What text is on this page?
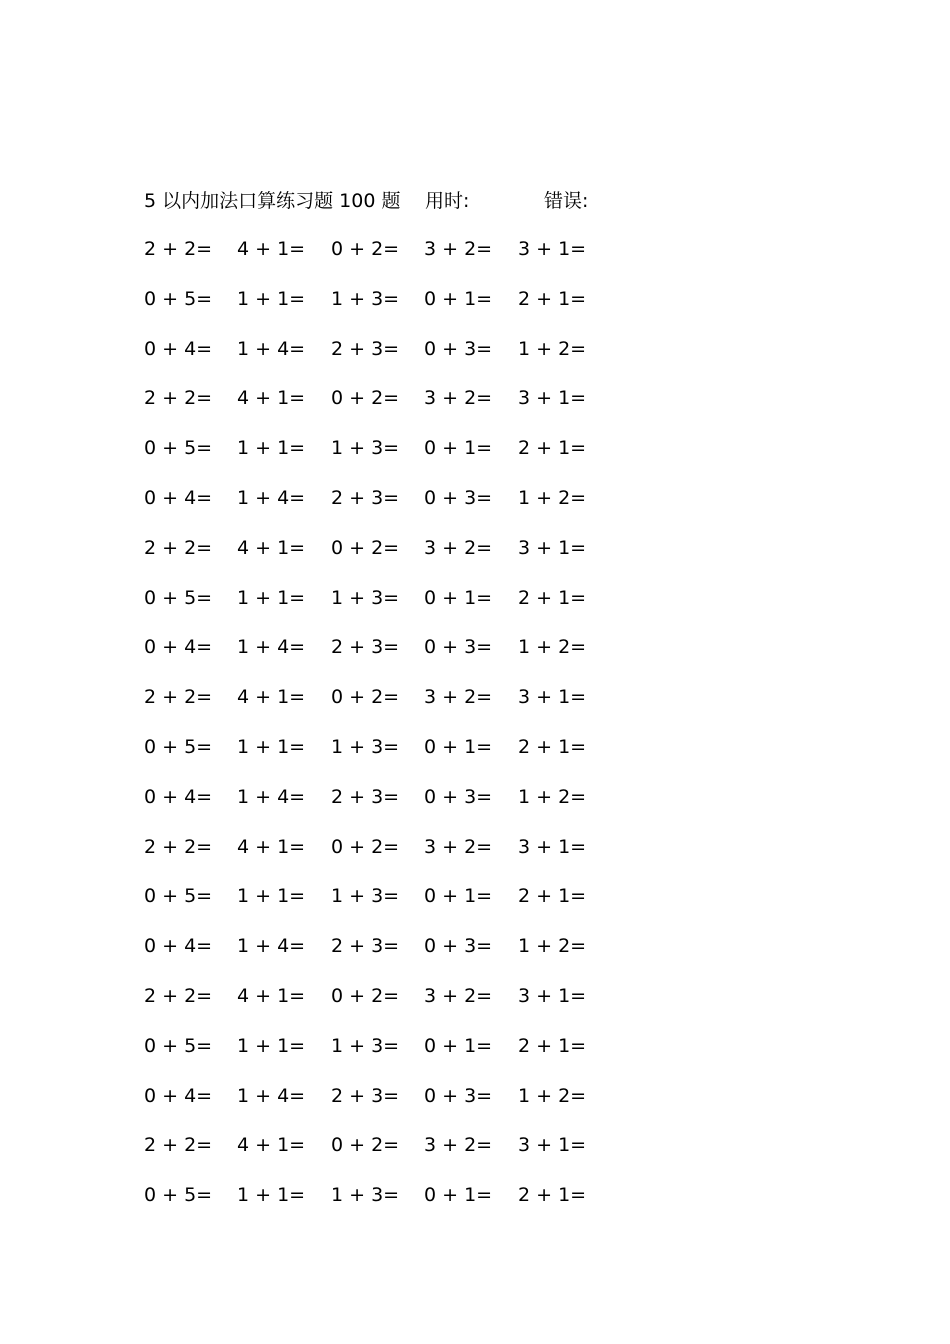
5 以内加法口算练习题 100 题 用时:	错误:
2 + 2= 4 + 1= 0 + 2= 3 + 2= 3 + 1=
0 + 5= 1 + 1= 1 + 3= 0 + 1= 2 + 1=
0 + 4= 1 + 4= 2 + 3= 0 + 3= 1 + 2=
2 + 2= 4 + 1= 0 + 2= 3 + 2= 3 + 1=
0 + 5= 1 + 1= 1 + 3= 0 + 1= 2 + 1=
0 + 4= 1 + 4= 2 + 3= 0 + 3= 1 + 2=
2 + 2= 4 + 1= 0 + 2= 3 + 2= 3 + 1=
0 + 5= 1 + 1= 1 + 3= 0 + 1= 2 + 1=
0 + 4= 1 + 4= 2 + 3= 0 + 3= 1 + 2=
2 + 2= 4 + 1= 0 + 2= 3 + 2= 3 + 1=
0 + 5= 1 + 1= 1 + 3= 0 + 1= 2 + 1=
0 + 4= 1 + 4= 2 + 3= 0 + 3= 1 + 2=
2 + 2= 4 + 1= 0 + 2= 3 + 2= 3 + 1=
0 + 5= 1 + 1= 1 + 3= 0 + 1= 2 + 1=
0 + 4= 1 + 4= 2 + 3= 0 + 3= 1 + 2=
2 + 2= 4 + 1= 0 + 2= 3 + 2= 3 + 1=
0 + 5= 1 + 1= 1 + 3= 0 + 1= 2 + 1=
0 + 4= 1 + 4= 2 + 3= 0 + 3= 1 + 2=
2 + 2= 4 + 1= 0 + 2= 3 + 2= 3 + 1=
0 + 5= 1 + 1= 1 + 3= 0 + 1= 2 + 1=
